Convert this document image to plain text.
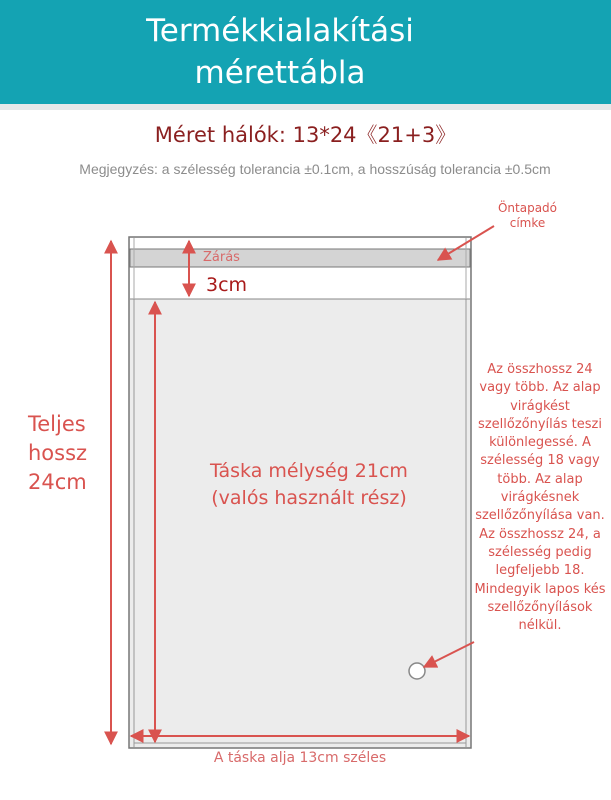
Termékkialakítási
mérettábla
Méret hálók: 13*24《21+3》
Megjegyzés: a szélesség tolerancia ±0.1cm, a hosszúság tolerancia ±0.5cm
Öntapadó címke
Zárás
3cm
Teljes hossz 24cm	Táska mélység 21cm (valós használt rész)
Az összhossz 24 vagy több. Az alap virágkést szellőzőnyílás teszi különlegessé. A szélesség 18 vagy több. Az alap virágkésnek szellőzőnyílása van. Az összhossz 24, a szélesség pedig legfeljebb 18. Mindegyik lapos kés szellőzőnyílások nélkül.
A táska alja 13cm széles
